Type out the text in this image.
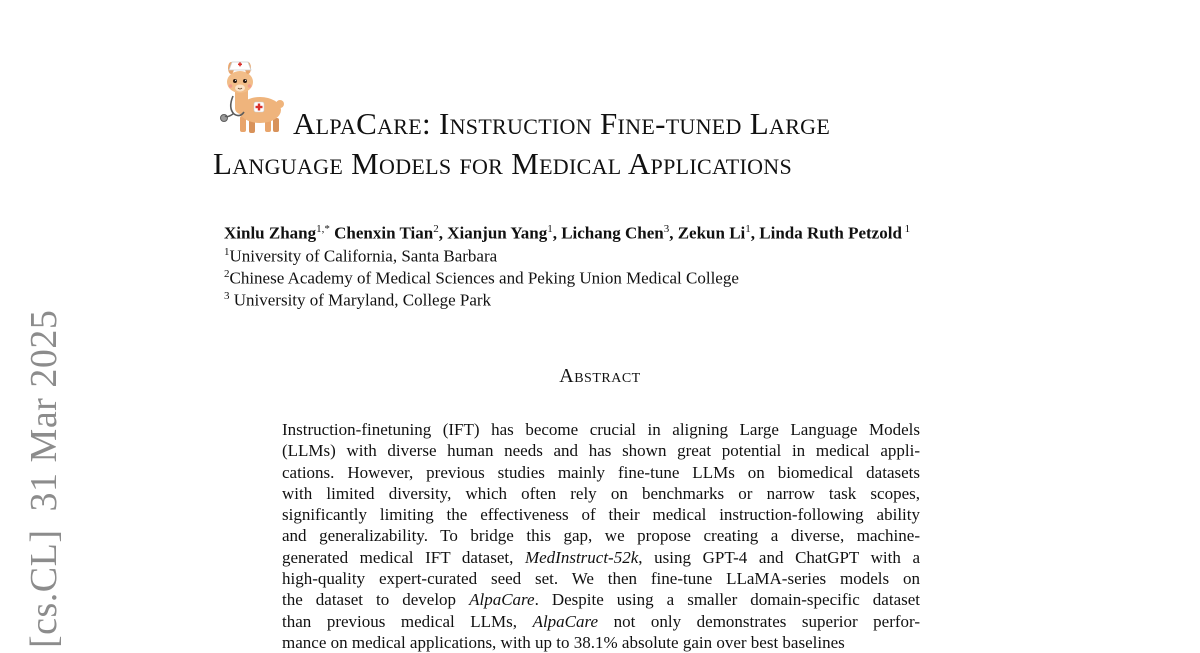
[cs.CL]31 Mar 2025
AlpaCare: Instruction Fine-tuned Large
Language Models for Medical Applications
Xinlu Zhang$^{1,*}$ Chenxin Tian$^2$, Xianjun Yang$^1$, Lichang Chen$^3$, Zekun Li$^1$, Linda Ruth Petzold $^1$
$^1$University of California, Santa Barbara
$^2$Chinese Academy of Medical Sciences and Peking Union Medical College
$^3$ University of Maryland, College Park
Abstract
Instruction-finetuning (IFT) has become crucial in aligning Large Language Models
(LLMs) with diverse human needs and has shown great potential in medical appli-
cations. However, previous studies mainly fine-tune LLMs on biomedical datasets
with limited diversity, which often rely on benchmarks or narrow task scopes,
significantly limiting the effectiveness of their medical instruction-following ability
and generalizability. To bridge this gap, we propose creating a diverse, machine-
generated medical IFT dataset, MedInstruct-52k, using GPT-4 and ChatGPT with a
high-quality expert-curated seed set. We then fine-tune LLaMA-series models on
the dataset to develop AlpaCare. Despite using a smaller domain-specific dataset
than previous medical LLMs, AlpaCare not only demonstrates superior perfor-
mance on medical applications, with up to 38.1% absolute gain over best baselines
